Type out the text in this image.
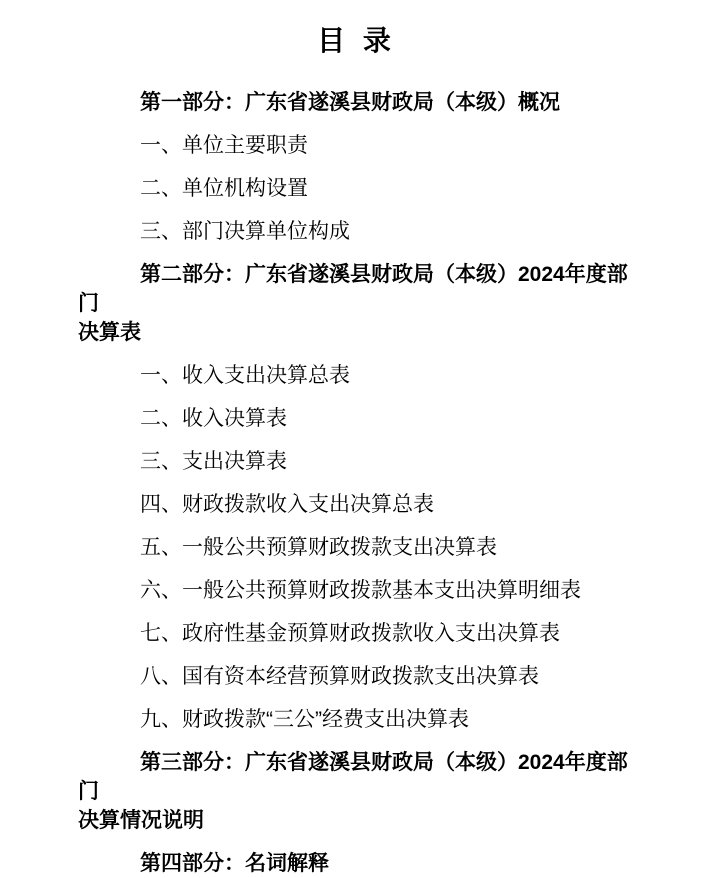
目 录

第一部分：广东省遂溪县财政局（本级）概况

一、单位主要职责

二、单位机构设置

三、部门决算单位构成

第二部分：广东省遂溪县财政局（本级）2024年度部门
决算表

一、收入支出决算总表

二、收入决算表

三、支出决算表

四、财政拨款收入支出决算总表

五、一般公共预算财政拨款支出决算表

六、一般公共预算财政拨款基本支出决算明细表

七、政府性基金预算财政拨款收入支出决算表

八、国有资本经营预算财政拨款支出决算表

九、财政拨款“三公”经费支出决算表

第三部分：广东省遂溪县财政局（本级）2024年度部门
决算情况说明

第四部分：名词解释
